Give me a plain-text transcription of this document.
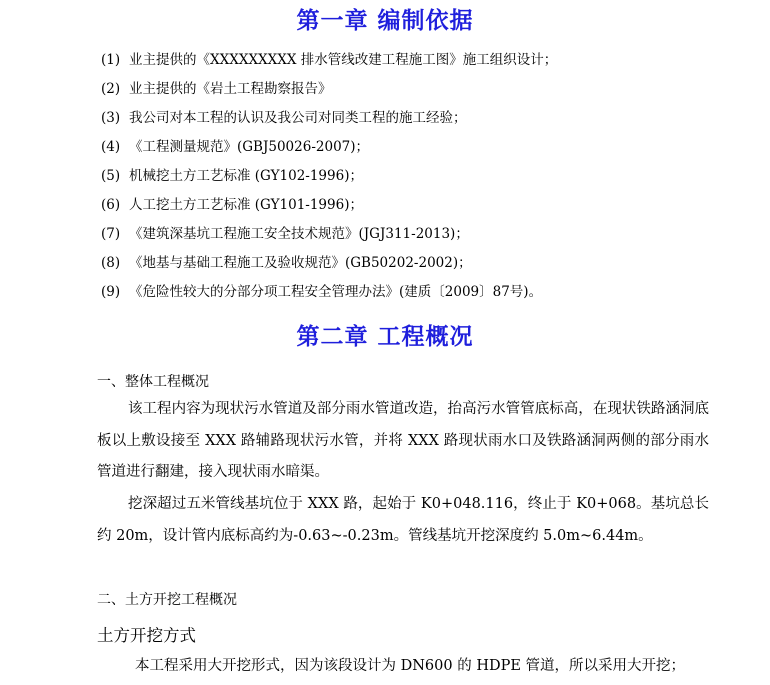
第一章 编制依据
(1) 业主提供的《XXXXXXXXX 排水管线改建工程施工图》施工组织设计；
(2) 业主提供的《岩土工程勘察报告》
(3) 我公司对本工程的认识及我公司对同类工程的施工经验；
(4) 《工程测量规范》(GBJ50026-2007)；
(5) 机械挖土方工艺标准 (GY102-1996)；
(6) 人工挖土方工艺标准 (GY101-1996)；
(7) 《建筑深基坑工程施工安全技术规范》(JGJ311-2013)；
(8) 《地基与基础工程施工及验收规范》(GB50202-2002)；
(9) 《危险性较大的分部分项工程安全管理办法》(建质〔2009〕87号)。
第二章 工程概况
一、整体工程概况

该工程内容为现状污水管道及部分雨水管道改造，抬高污水管管底标高，在现状铁路涵洞底板以上敷设接至 XXX 路辅路现状污水管，并将 XXX 路现状雨水口及铁路涵洞两侧的部分雨水管道进行翻建，接入现状雨水暗渠。

挖深超过五米管线基坑位于 XXX 路，起始于 K0+048.116，终止于 K0+068。基坑总长约 20m，设计管内底标高约为-0.63~-0.23m。管线基坑开挖深度约 5.0m~6.44m。

二、土方开挖工程概况
土方开挖方式

本工程采用大开挖形式，因为该段设计为 DN600 的 HDPE 管道，所以采用大开挖；
